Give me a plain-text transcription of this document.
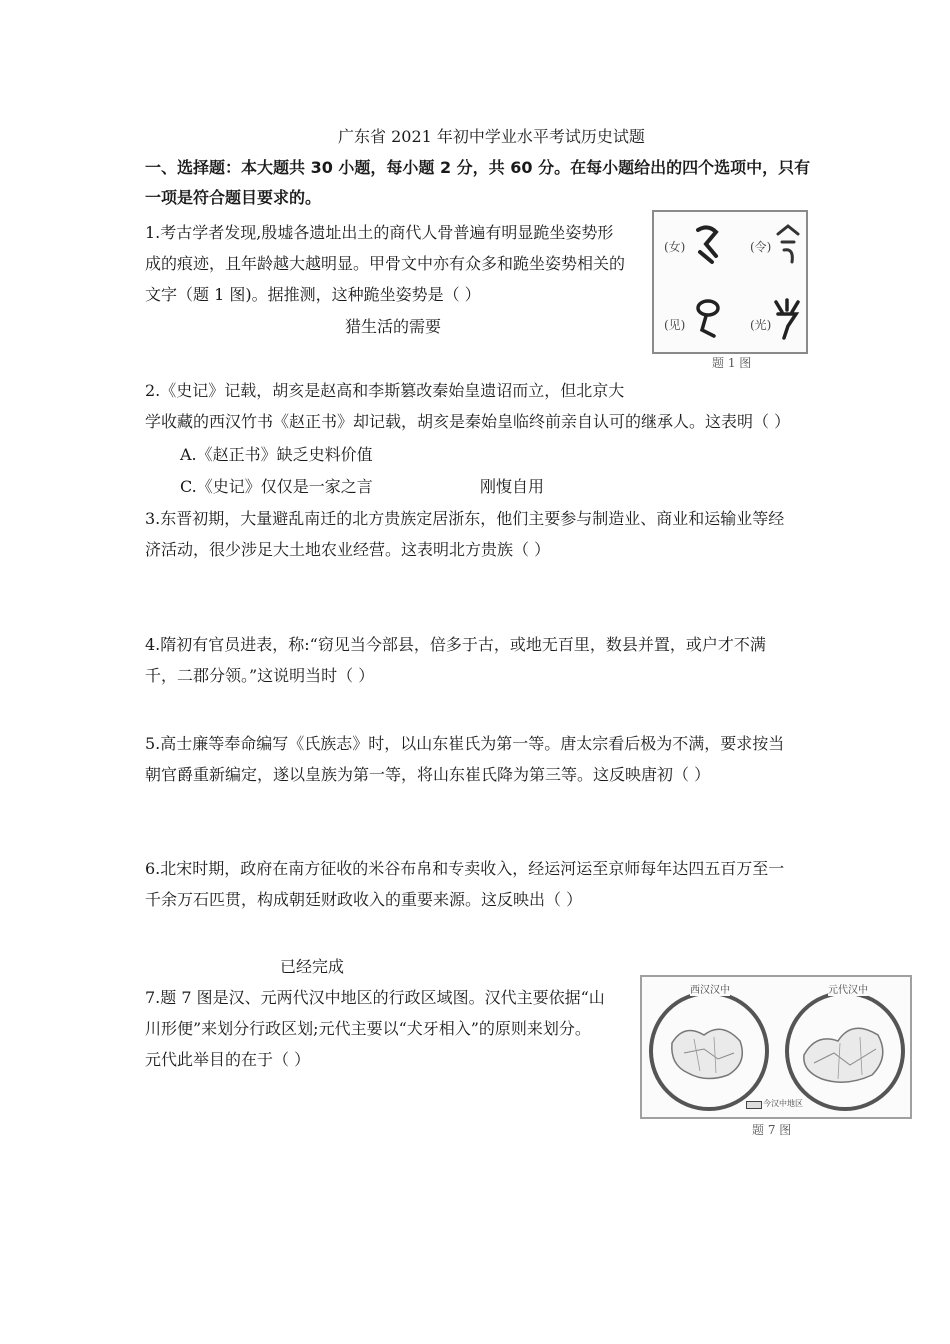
广东省 2021 年初中学业水平考试历史试题
一、选择题：本大题共 30 小题，每小题 2 分，共 60 分。在每小题给出的四个选项中，只有
一项是符合题目要求的。
1.考古学者发现,殷墟各遗址出土的商代人骨普遍有明显跪坐姿势形
成的痕迹，且年龄越大越明显。甲骨文中亦有众多和跪坐姿势相关的
文字（题 1 图)。据推测，这种跪坐姿势是（ ）
猎生活的需要
(女)	(令)
(见)	(光)
题 1 图
2.《史记》记载，胡亥是赵高和李斯篡改秦始皇遗诏而立，但北京大
学收藏的西汉竹书《赵正书》却记载，胡亥是秦始皇临终前亲自认可的继承人。这表明（ ）
A.《赵正书》缺乏史料价值
C.《史记》仅仅是一家之言	刚愎自用
3.东晋初期，大量避乱南迁的北方贵族定居浙东，他们主要参与制造业、商业和运输业等经
济活动，很少涉足大土地农业经营。这表明北方贵族（ ）
4.隋初有官员进表，称:“窃见当今部县，倍多于古，或地无百里，数县并置，或户才不满
千，二郡分领。”这说明当时（ ）
5.高士廉等奉命编写《氏族志》时，以山东崔氏为第一等。唐太宗看后极为不满，要求按当
朝官爵重新编定，遂以皇族为第一等，将山东崔氏降为第三等。这反映唐初（ ）
6.北宋时期，政府在南方征收的米谷布帛和专卖收入，经运河运至京师每年达四五百万至一
千余万石匹贯，构成朝廷财政收入的重要来源。这反映出（ ）
已经完成
7.题 7 图是汉、元两代汉中地区的行政区域图。汉代主要依据“山
川形便”来划分行政区划;元代主要以“犬牙相入”的原则来划分。
元代此举目的在于（ ）
西汉汉中	元代汉中
今汉中地区
题 7 图
